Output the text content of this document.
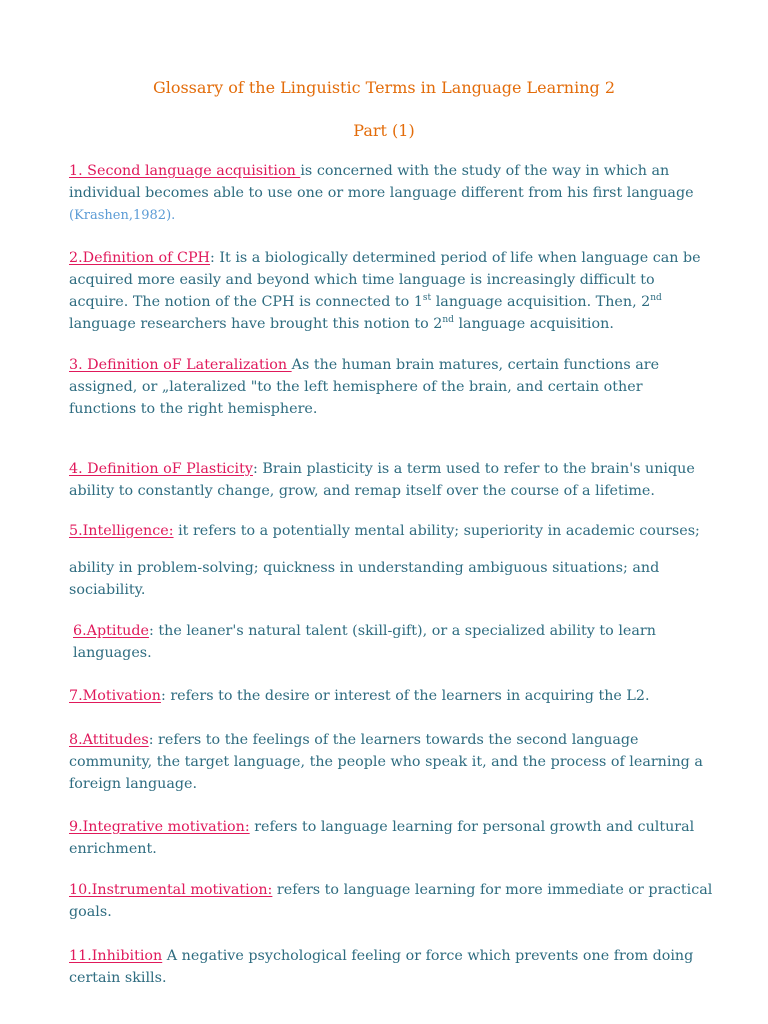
Glossary of the Linguistic Terms in Language Learning 2
Part (1)

1. Second language acquisition is concerned with the study of the way in which an individual becomes able to use one or more language different from his first language (Krashen,1982).

2.Definition of CPH: It is a biologically determined period of life when language can be acquired more easily and beyond which time language is increasingly difficult to acquire. The notion of the CPH is connected to 1st language acquisition. Then, 2nd language researchers have brought this notion to 2nd language acquisition.

3. Definition oF Lateralization As the human brain matures, certain functions are assigned, or „lateralized "to the left hemisphere of the brain, and certain other functions to the right hemisphere.

4. Definition oF Plasticity: Brain plasticity is a term used to refer to the brain's unique ability to constantly change, grow, and remap itself over the course of a lifetime.

5.Intelligence: it refers to a potentially mental ability; superiority in academic courses;

ability in problem-solving; quickness in understanding ambiguous situations; and sociability.

6.Aptitude: the leaner's natural talent (skill-gift), or a specialized ability to learn languages.

7.Motivation: refers to the desire or interest of the learners in acquiring the L2.

8.Attitudes: refers to the feelings of the learners towards the second language community, the target language, the people who speak it, and the process of learning a foreign language.

9.Integrative motivation: refers to language learning for personal growth and cultural enrichment.

10.Instrumental motivation: refers to language learning for more immediate or practical goals.

11.Inhibition A negative psychological feeling or force which prevents one from doing certain skills.
